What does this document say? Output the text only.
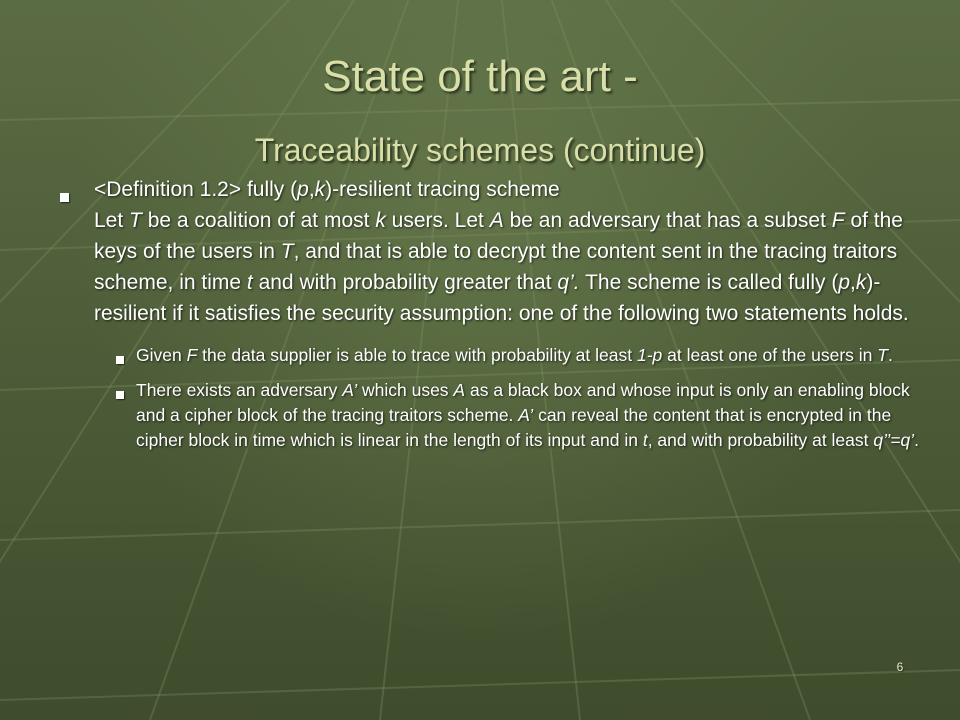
State of the art -
Traceability schemes (continue)
<Definition 1.2> fully (p,k)-resilient tracing scheme
Let T be a coalition of at most k users. Let A be an adversary that has a subset F of the keys of the users in T, and that is able to decrypt the content sent in the tracing traitors scheme, in time t and with probability greater that q’. The scheme is called fully (p,k)-resilient if it satisfies the security assumption: one of the following two statements holds.
Given F the data supplier is able to trace with probability at least 1-p at least one of the users in T.
There exists an adversary A’ which uses A as a black box and whose input is only an enabling block and a cipher block of the tracing traitors scheme. A’ can reveal the content that is encrypted in the cipher block in time which is linear in the length of its input and in t, and with probability at least q’’=q’.
6
